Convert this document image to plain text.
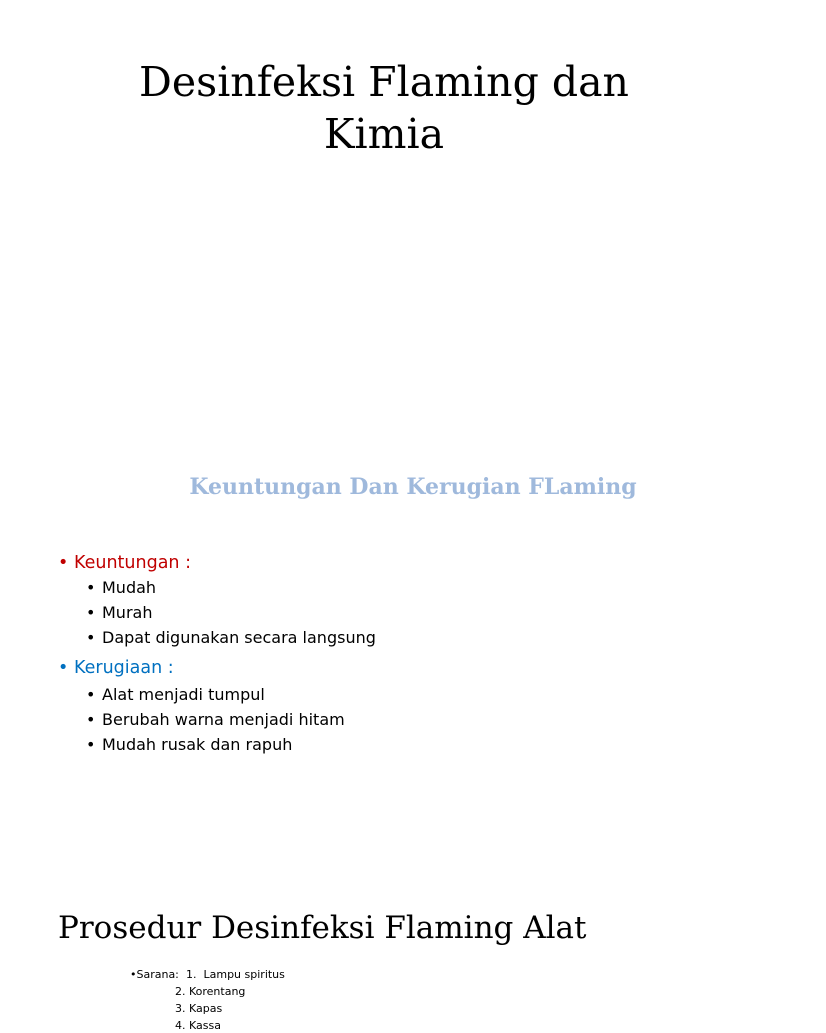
Desinfeksi Flaming dan
Kimia
Keuntungan Dan Kerugian FLaming
• Keuntungan :
• Mudah
• Murah
• Dapat digunakan secara langsung
• Kerugiaan :
• Alat menjadi tumpul
• Berubah warna menjadi hitam
• Mudah rusak dan rapuh
Prosedur Desinfeksi Flaming Alat
•Sarana: 1.  Lampu spiritus
2. Korentang
3. Kapas
4. Kassa
